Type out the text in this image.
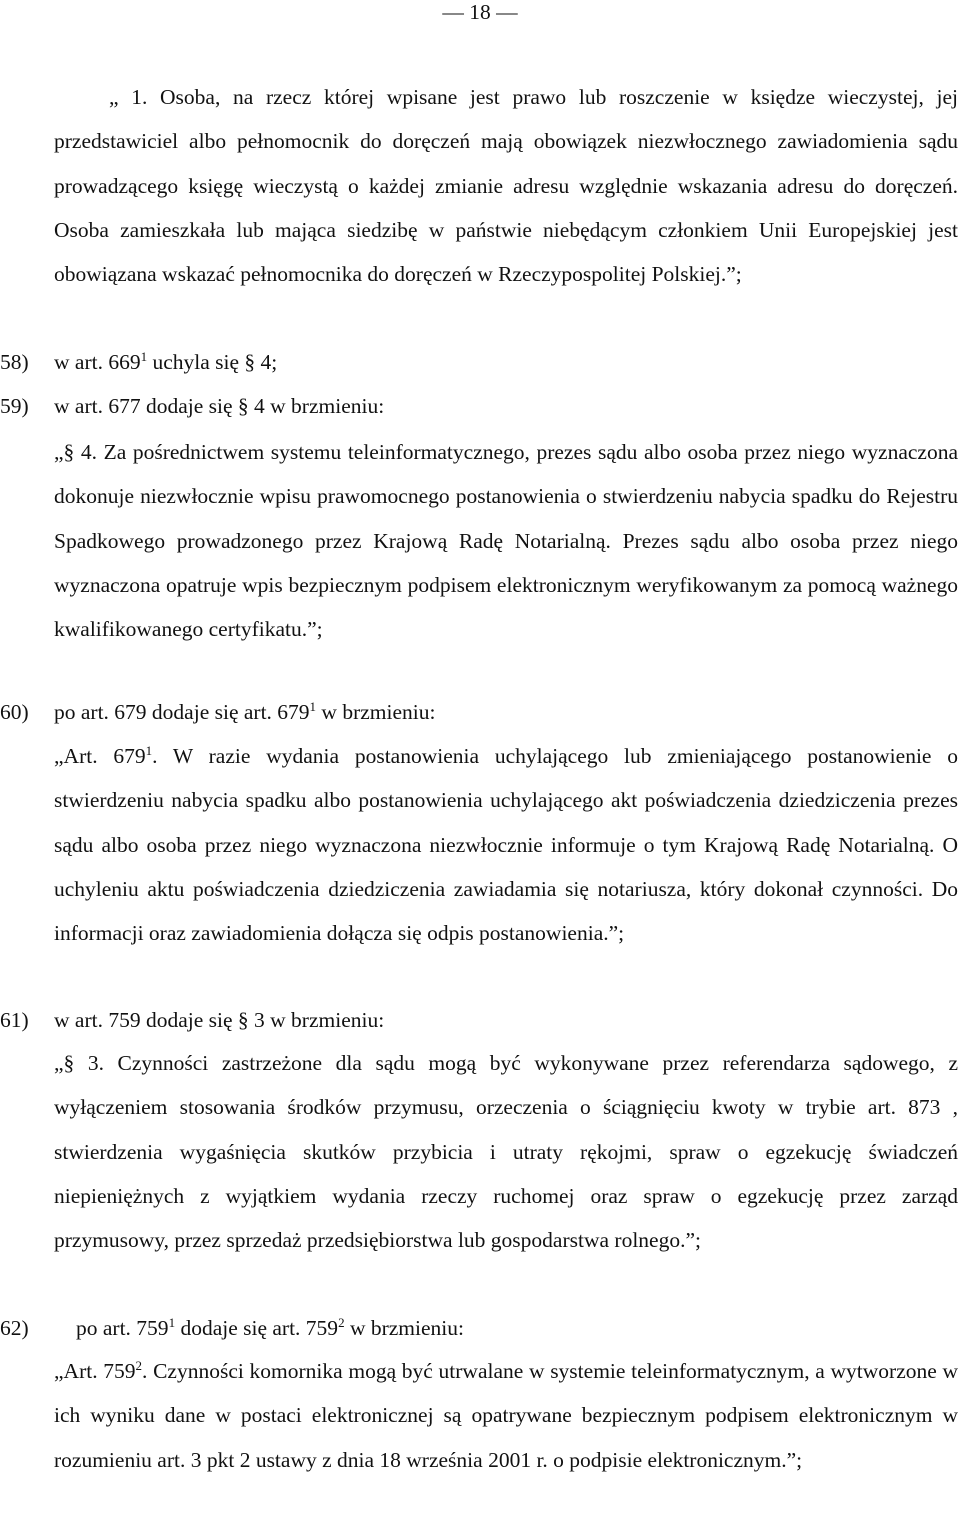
— 18 —

„ 1. Osoba, na rzecz której wpisane jest prawo lub roszczenie w księdze wieczystej, jej przedstawiciel albo pełnomocnik do doręczeń mają obowiązek niezwłocznego zawiadomienia sądu prowadzącego księgę wieczystą o każdej zmianie adresu względnie wskazania adresu do doręczeń. Osoba zamieszkała lub mająca siedzibę w państwie niebędącym członkiem Unii Europejskiej jest obowiązana wskazać pełnomocnika do doręczeń w Rzeczypospolitej Polskiej.”;

58) w art. $669^1$ uchyla się § 4;
59) w art. 677 dodaje się § 4 w brzmieniu:

„§ 4. Za pośrednictwem systemu teleinformatycznego, prezes sądu albo osoba przez niego wyznaczona dokonuje niezwłocznie wpisu prawomocnego postanowienia o stwierdzeniu nabycia spadku do Rejestru Spadkowego prowadzonego przez Krajową Radę Notarialną. Prezes sądu albo osoba przez niego wyznaczona opatruje wpis bezpiecznym podpisem elektronicznym weryfikowanym za pomocą ważnego kwalifikowanego certyfikatu.”;

60) po art. 679 dodaje się art. $679^1$ w brzmieniu:

„Art. $679^1$. W razie wydania postanowienia uchylającego lub zmieniającego postanowienie o stwierdzeniu nabycia spadku albo postanowienia uchylającego akt poświadczenia dziedziczenia prezes sądu albo osoba przez niego wyznaczona niezwłocznie informuje o tym Krajową Radę Notarialną. O uchyleniu aktu poświadczenia dziedziczenia zawiadamia się notariusza, który dokonał czynności. Do informacji oraz zawiadomienia dołącza się odpis postanowienia.”;

61) w art. 759 dodaje się § 3 w brzmieniu:

„§ 3. Czynności zastrzeżone dla sądu mogą być wykonywane przez referendarza sądowego, z wyłączeniem stosowania środków przymusu, orzeczenia o ściągnięciu kwoty w trybie art. 873 , stwierdzenia wygaśnięcia skutków przybicia i utraty rękojmi, spraw o egzekucję świadczeń niepieniężnych z wyjątkiem wydania rzeczy ruchomej oraz spraw o egzekucję przez zarząd przymusowy, przez sprzedaż przedsiębiorstwa lub gospodarstwa rolnego.”;

62) po art. $759^1$ dodaje się art. $759^2$ w brzmieniu:

„Art. $759^2$. Czynności komornika mogą być utrwalane w systemie teleinformatycznym, a wytworzone w ich wyniku dane w postaci elektronicznej są opatrywane bezpiecznym podpisem elektronicznym w rozumieniu art. 3 pkt 2 ustawy z dnia 18 września 2001 r. o podpisie elektronicznym.”;
